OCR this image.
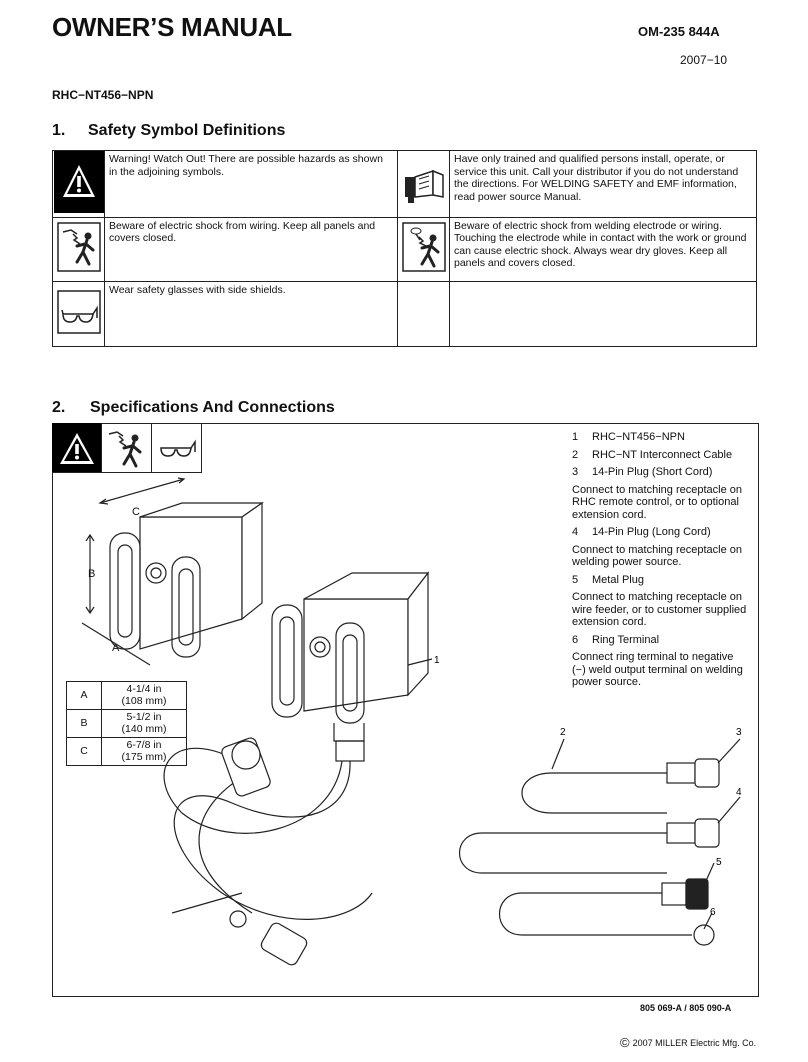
OWNER’S MANUAL	OM-235 844A
2007−10
RHC−NT456−NPN
1. Safety Symbol Definitions
	Warning! Watch Out! There are possible hazards as shown in the adjoining symbols.		Have only trained and qualified persons install, operate, or service this unit. Call your distributor if you do not understand the directions. For WELDING SAFETY and EMF information, read power source Manual.
	Beware of electric shock from wiring. Keep all panels and covers closed.		Beware of electric shock from welding electrode or wiring. Touching the electrode while in contact with the work or ground can cause electric shock. Always wear dry gloves. Keep all panels and covers closed.
	Wear safety glasses with side shields.		
2. Specifications And Connections
1 RHC−NT456−NPN
2 RHC−NT Interconnect Cable
3 14-Pin Plug (Short Cord)
Connect to matching receptacle on RHC remote control, or to optional extension cord.
4 14-Pin Plug (Long Cord)
Connect to matching receptacle on welding power source.
5 Metal Plug
Connect to matching receptacle on wire feeder, or to customer supplied extension cord.
6 Ring Terminal
Connect ring terminal to negative (−) weld output terminal on welding power source.
C
B
A
1
2	3
4
5
6
A	4-1/4 in
(108 mm)
B	5-1/2 in
(140 mm)
C	6-7/8 in
(175 mm)
805 069-A / 805 090-A
© 2007 MILLER Electric Mfg. Co.
